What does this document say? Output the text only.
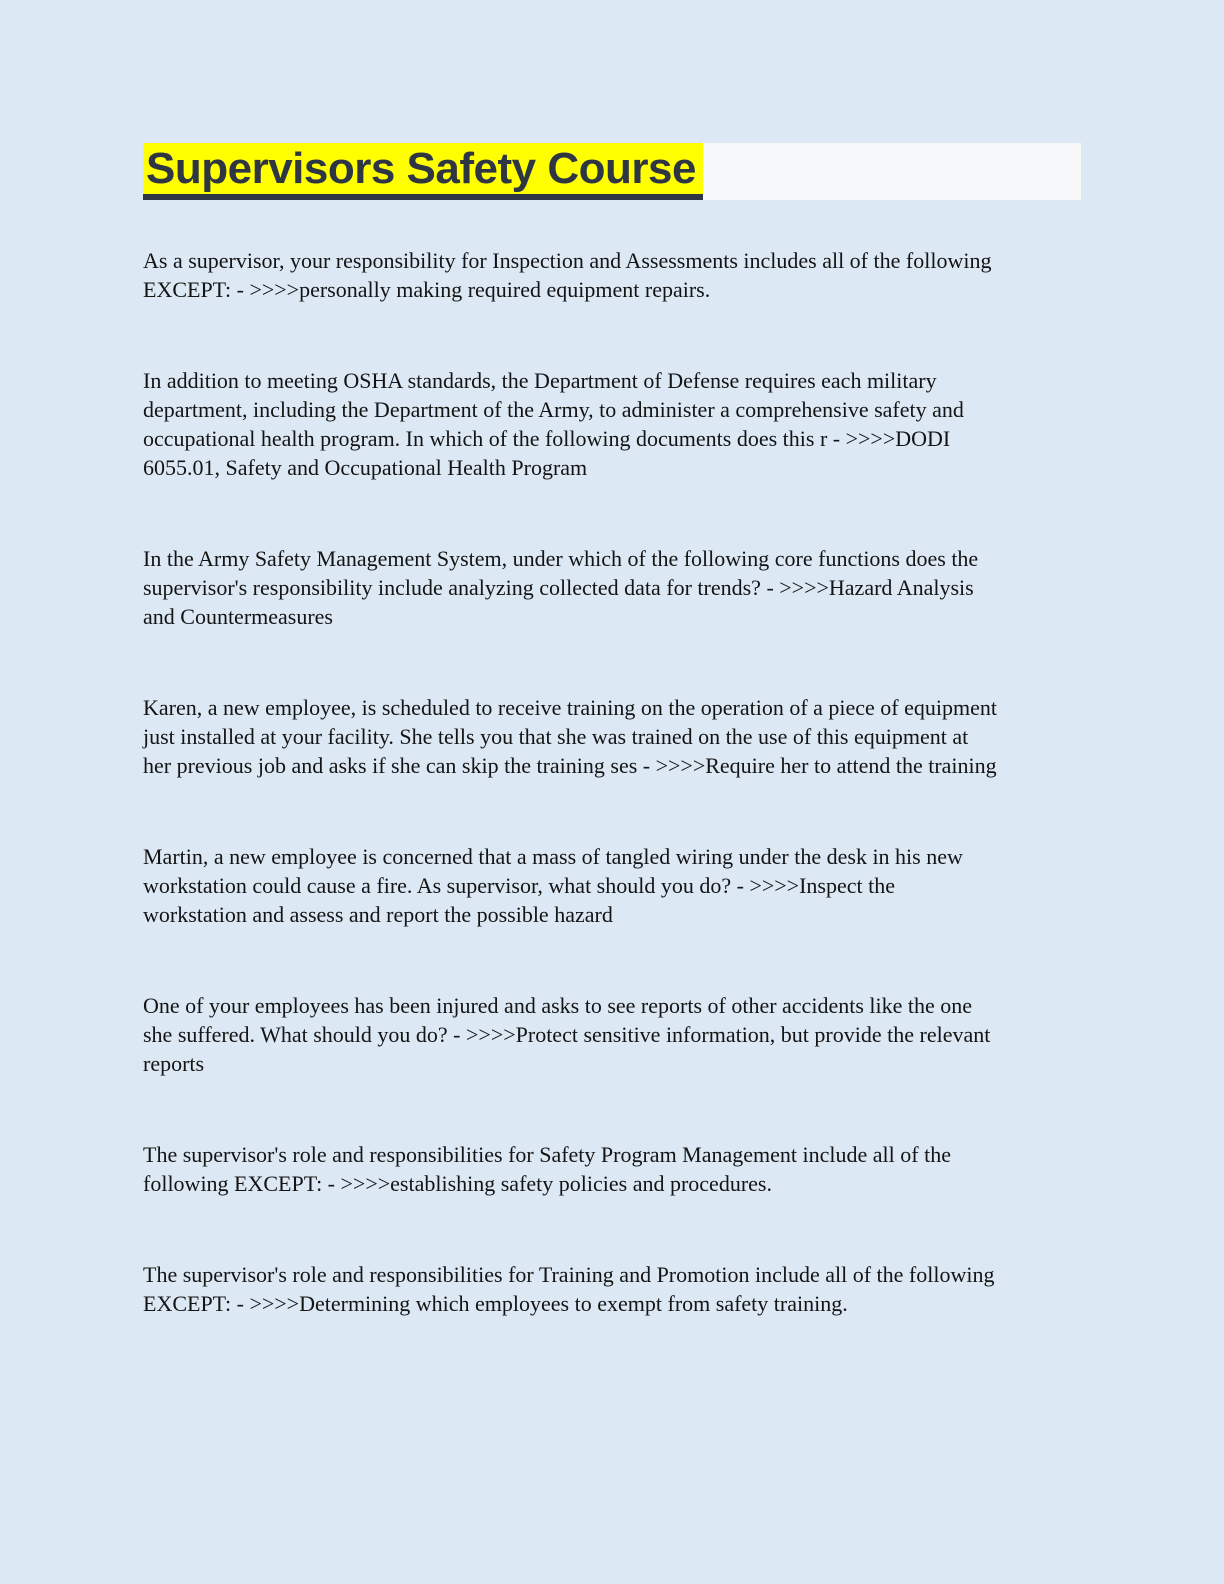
Supervisors Safety Course
As a supervisor, your responsibility for Inspection and Assessments includes all of the following
EXCEPT: - >>>>personally making required equipment repairs.
In addition to meeting OSHA standards, the Department of Defense requires each military
department, including the Department of the Army, to administer a comprehensive safety and
occupational health program. In which of the following documents does this r - >>>>DODI
6055.01, Safety and Occupational Health Program
In the Army Safety Management System, under which of the following core functions does the
supervisor's responsibility include analyzing collected data for trends? - >>>>Hazard Analysis
and Countermeasures
Karen, a new employee, is scheduled to receive training on the operation of a piece of equipment
just installed at your facility. She tells you that she was trained on the use of this equipment at
her previous job and asks if she can skip the training ses - >>>>Require her to attend the training
Martin, a new employee is concerned that a mass of tangled wiring under the desk in his new
workstation could cause a fire. As supervisor, what should you do? - >>>>Inspect the
workstation and assess and report the possible hazard
One of your employees has been injured and asks to see reports of other accidents like the one
she suffered. What should you do? - >>>>Protect sensitive information, but provide the relevant
reports
The supervisor's role and responsibilities for Safety Program Management include all of the
following EXCEPT: - >>>>establishing safety policies and procedures.
The supervisor's role and responsibilities for Training and Promotion include all of the following
EXCEPT: - >>>>Determining which employees to exempt from safety training.
